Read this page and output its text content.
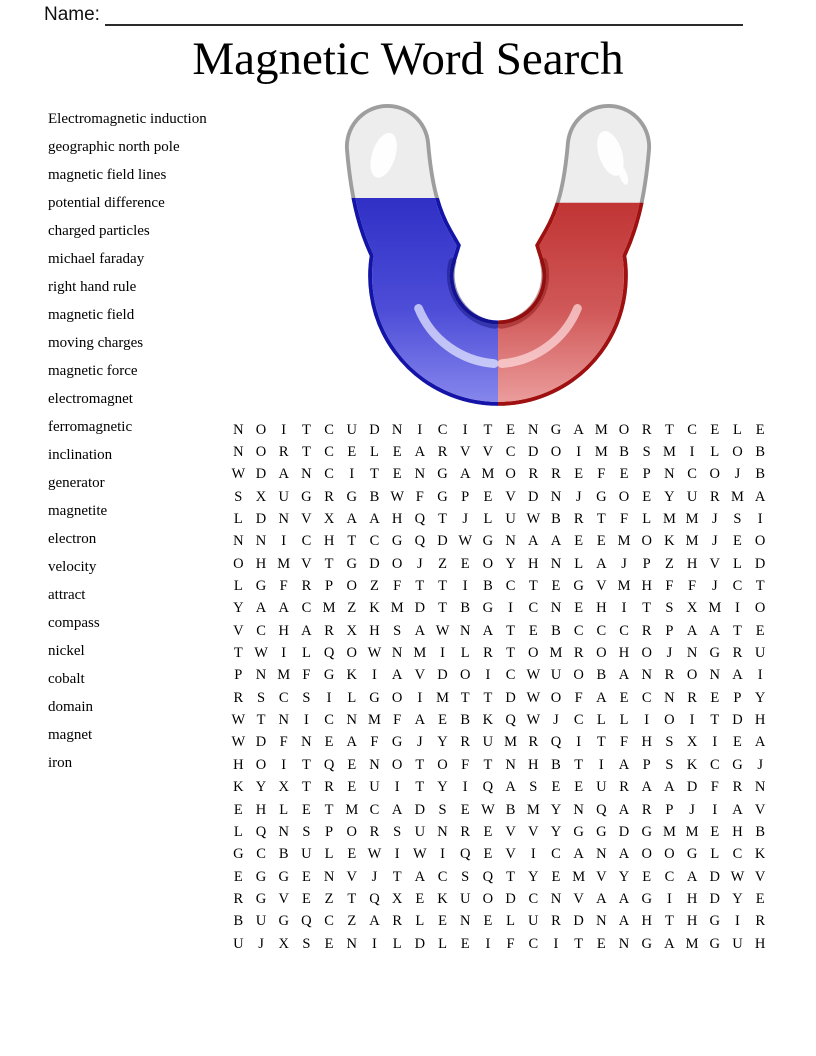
Name:
Magnetic Word Search
Electromagnetic induction
geographic north pole
magnetic field lines
potential difference
charged particles
michael faraday
right hand rule
magnetic field
moving charges
magnetic force
electromagnet
ferromagnetic
inclination
generator
magnetite
electron
velocity
attract
compass
nickel
cobalt
domain
magnet
iron
N O	I	T C U D N	I	C	I	T E N G A M O R T C E L E
N O R T C E L E A R V V C D O	I M B S M I	L O B
W D A N C	I	T E N G A M O R R E F E P N C O	J	B
S X U G R G B W F G P E V D N	J	G O E Y U R M A
L D N V X A A H Q T	J	L U W B R T F L M M J	S	I
N N	I	C H T C G Q D W G N A A E E M O K M J	E O
O H M V T G D O	J	Z E O Y H N L A	J	P Z H V L D
L G F R P O Z F T T	I	B C T E G V M H F	F	J	C T
Y A A C M Z K M D T B G	I	C N E H	I	T S X M I	O
V C H A R X H S A W N A T E B C C C R P A A T E
T W I	L Q O W N M I	L R T O M R O H O	J	N G R U
P N M F G K	I	A V D O	I	C W U O B A N R O N A	I
R S C S	I	L G O	I M T T D W O F A E C N R E P Y
W T N	I	C N M F A E B K Q W J	C L L	I	O	I	T D H
W D F N E A F G	J	Y R U M R Q	I	T F H S X	I	E A
H O	I	T Q E N O T O F T N H B T	I	A P	S K C G	J
K Y X T R E U	I	T Y	I	Q A S E E U R A A D F R N
E H L E T M C A D S E W B M Y N Q A R P	J	I	A V
L Q N S	P O R S U N R E V V Y G G D G M M E H B
G C B U L E W I W I	Q E V	I	C A N A O O G L C K
E G G E N V	J	T A C S Q T Y E M V Y E C A D W V
R G V E Z T Q X E K U O D C N V A A G	I	H D Y E
B U G Q C Z A R L E N E L U R D N A H T H G	I	R
U	J	X S E N	I	L D L E	I	F C	I	T E N G A M G U H
